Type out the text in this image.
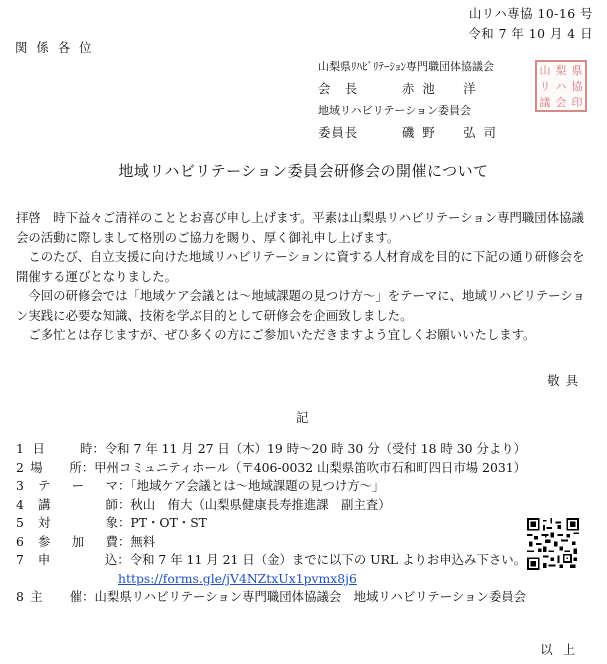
山リハ専協 10-16 号
令和 7 年 10 月 4 日
関係各位
山梨県ﾘﾊﾋﾞﾘﾃｰｼｮﾝ専門職団体協議会
会　長	赤池　洋
地域リハビリテーション委員会
委員長	磯野　弘司
山 梨 県
リ ハ 協
議 会 印
地域リハビリテーション委員会研修会の開催について

拝啓　時下益々ご清祥のこととお喜び申し上げます。平素は山梨県リハビリテーション専門職団体協議会の活動に際しまして格別のご協力を賜り、厚く御礼申し上げます。

このたび、自立支援に向けた地域リハビリテーションに資する人材育成を目的に下記の通り研修会を開催する運びとなりました。

今回の研修会では「地域ケア会議とは～地域課題の見つけ方～」をテーマに、地域リハビリテーション実践に必要な知識、技術を学ぶ目的として研修会を企画致しました。

ご多忙とは存じますが、ぜひ多くの方にご参加いただきますよう宜しくお願いいたします。

敬具
記
1 日	時 ：令和 7 年 11 月 27 日（木）19 時～20 時 30 分（受付 18 時 30 分より）
2 場 所 ：甲州コミュニティホール（〒406-0032 山梨県笛吹市石和町四日市場 2031）
3	テ ー マ ：「地域ケア会議とは～地域課題の見つけ方～」
4	講	師 ：秋山　侑大（山梨県健康長寿推進課　副主査）
5	対	象 ：PT・OT・ST
6	参 加 費 ：無料
7	申	込 ：令和 7 年 11 月 21 日（金）までに以下の URL よりお申込み下さい。
https://forms.gle/jV4NZtxUx1pvmx8j6
8 主 催 ：山梨県リハビリテーション専門職団体協議会　地域リハビリテーション委員会
以上
